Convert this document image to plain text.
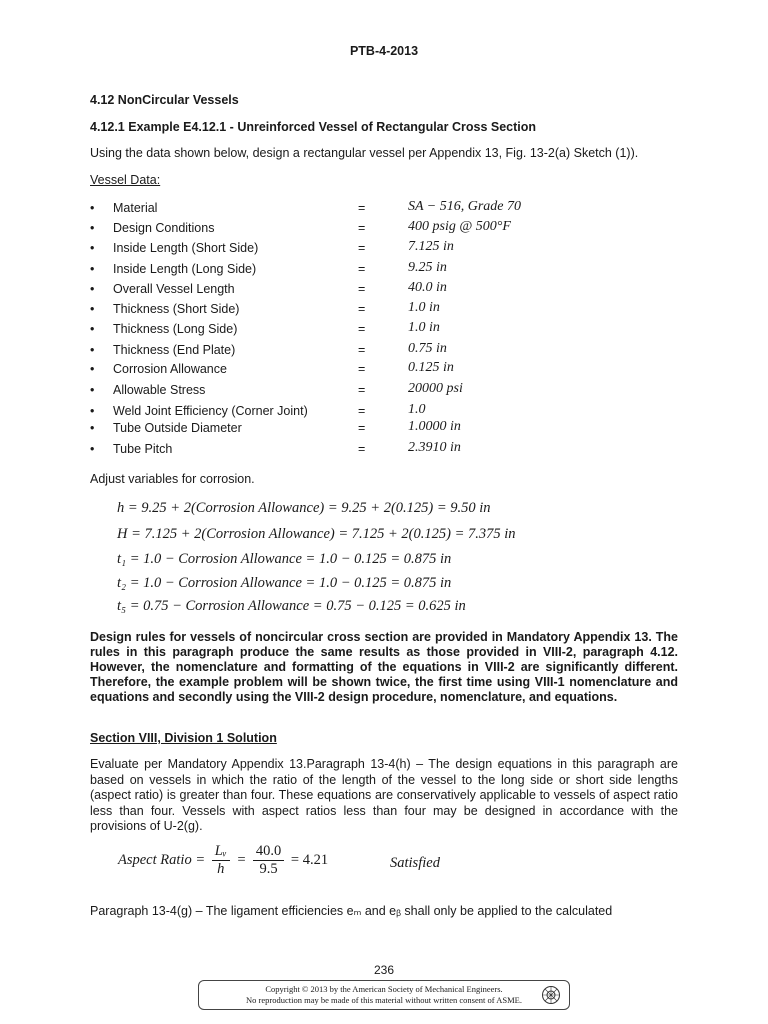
PTB-4-2013
4.12 NonCircular Vessels
4.12.1 Example E4.12.1 - Unreinforced Vessel of Rectangular Cross Section
Using the data shown below, design a rectangular vessel per Appendix 13, Fig. 13-2(a) Sketch (1)).
Vessel Data:
• Material	=	SA − 516, Grade 70
• Design Conditions	=	400 psig @ 500°F
• Inside Length (Short Side)	=	7.125 in
• Inside Length (Long Side)	=	9.25 in
• Overall Vessel Length	=	40.0 in
• Thickness (Short Side)	=	1.0 in
• Thickness (Long Side)	=	1.0 in
• Thickness (End Plate)	=	0.75 in
• Corrosion Allowance	=	0.125 in
• Allowable Stress	=	20000 psi
• Weld Joint Efficiency (Corner Joint)	=	1.0
• Tube Outside Diameter	=	1.0000 in
• Tube Pitch	=	2.3910 in
Adjust variables for corrosion.
h = 9.25 + 2(Corrosion Allowance) = 9.25 + 2(0.125) = 9.50 in
H = 7.125 + 2(Corrosion Allowance) = 7.125 + 2(0.125) = 7.375 in
t₁ = 1.0 − Corrosion Allowance = 1.0 − 0.125 = 0.875 in
t₂ = 1.0 − Corrosion Allowance = 1.0 − 0.125 = 0.875 in
t₅ = 0.75 − Corrosion Allowance = 0.75 − 0.125 = 0.625 in
Design rules for vessels of noncircular cross section are provided in Mandatory Appendix 13. The rules in this paragraph produce the same results as those provided in VIII-2, paragraph 4.12. However, the nomenclature and formatting of the equations in VIII-2 are significantly different. Therefore, the example problem will be shown twice, the first time using VIII-1 nomenclature and equations and secondly using the VIII-2 design procedure, nomenclature, and equations.
Section VIII, Division 1 Solution
Evaluate per Mandatory Appendix 13.Paragraph 13-4(h) – The design equations in this paragraph are based on vessels in which the ratio of the length of the vessel to the long side or short side lengths (aspect ratio) is greater than four. These equations are conservatively applicable to vessels of aspect ratio less than four. Vessels with aspect ratios less than four may be designed in accordance with the provisions of U-2(g).
Aspect Ratio = $\frac{\text{Lᵥ}}{h} = \frac{40.0}{9.5} = 4.21$	Satisfied
Paragraph 13-4(g) – The ligament efficiencies eₘ and eᵦ shall only be applied to the calculated
236
Copyright © 2013 by the American Society of Mechanical Engineers.
No reproduction may be made of this material without written consent of ASME.
